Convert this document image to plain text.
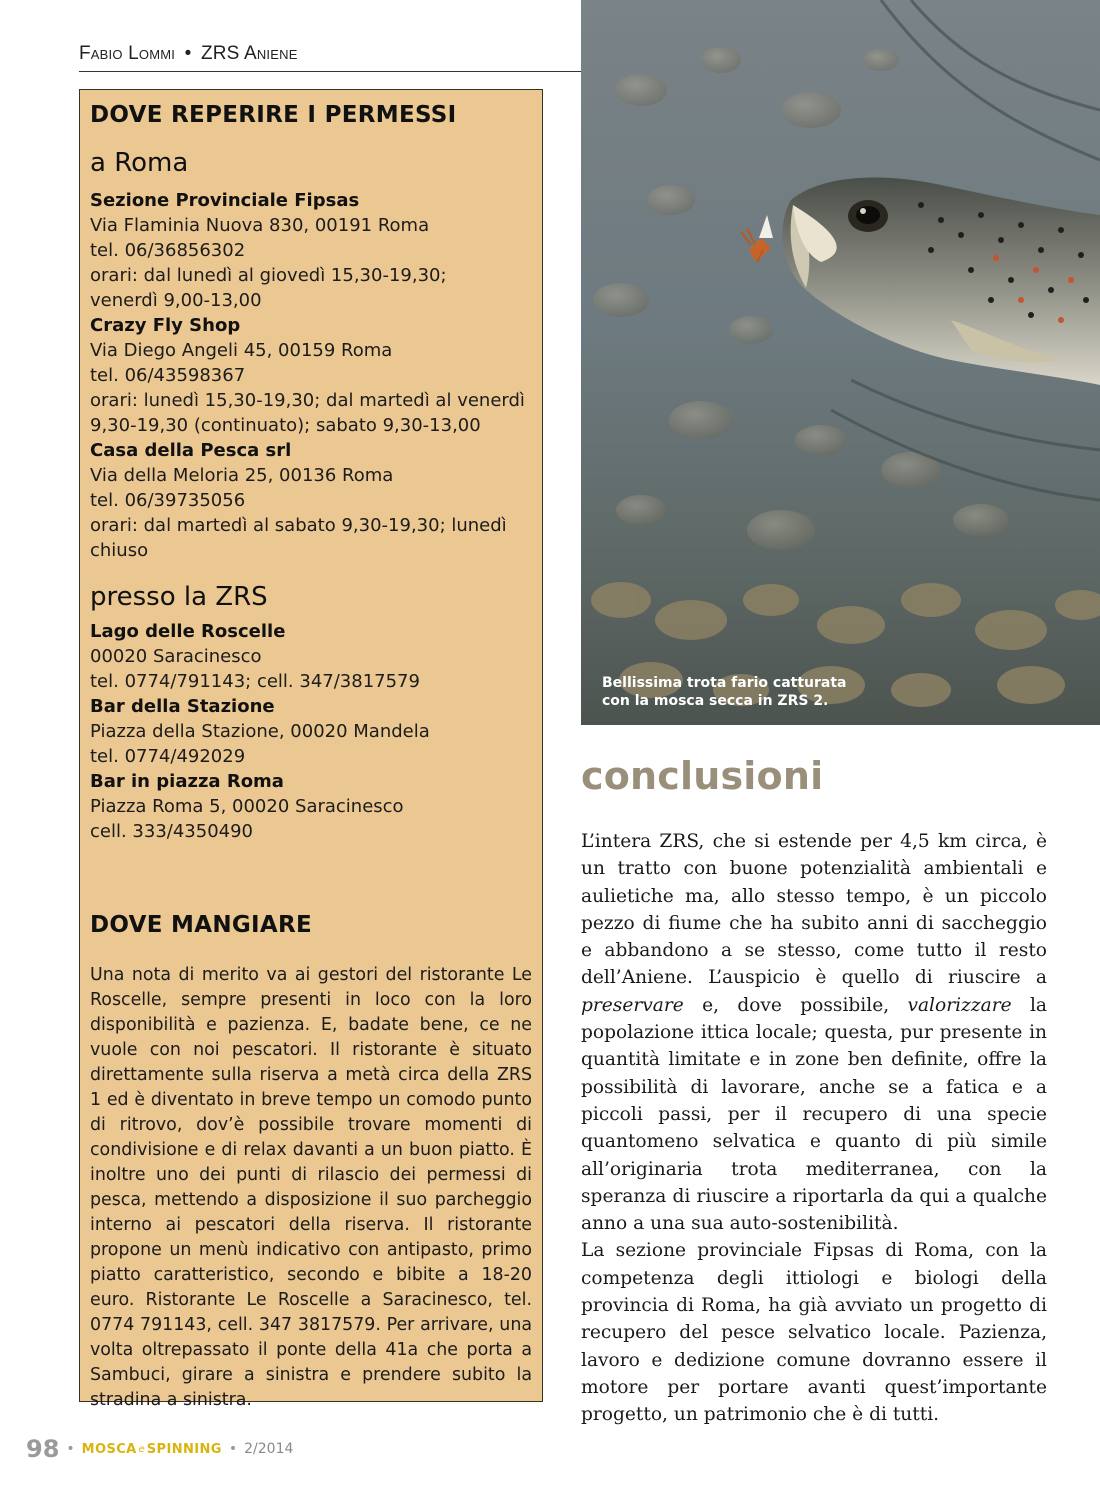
Fabio Lommi • ZRS Aniene
DOVE REPERIRE I PERMESSI
a Roma
Sezione Provinciale Fipsas
Via Flaminia Nuova 830, 00191 Roma
tel. 06/36856302
orari: dal lunedì al giovedì 15,30-19,30;
venerdì 9,00-13,00
Crazy Fly Shop
Via Diego Angeli 45, 00159 Roma
tel. 06/43598367
orari: lunedì 15,30-19,30; dal martedì al venerdì
9,30-19,30 (continuato); sabato 9,30-13,00
Casa della Pesca srl
Via della Meloria 25, 00136 Roma
tel. 06/39735056
orari: dal martedì al sabato 9,30-19,30; lunedì
chiuso
presso la ZRS
Lago delle Roscelle
00020 Saracinesco
tel. 0774/791143; cell. 347/3817579
Bar della Stazione
Piazza della Stazione, 00020 Mandela
tel. 0774/492029
Bar in piazza Roma
Piazza Roma 5, 00020 Saracinesco
cell. 333/4350490
DOVE MANGIARE

Una nota di merito va ai gestori del ristorante Le Roscelle, sempre presenti in loco con la loro disponibilità e pazienza. E, badate bene, ce ne vuole con noi pescatori. Il ristorante è situato direttamente sulla riserva a metà circa della ZRS 1 ed è diventato in breve tempo un comodo punto di ritrovo, dov’è possibile trovare momenti di condivisione e di relax davanti a un buon piatto. È inoltre uno dei punti di rilascio dei permessi di pesca, mettendo a disposizione il suo parcheggio interno ai pescatori della riserva. Il ristorante propone un menù indicativo con antipasto, primo piatto caratteristico, secondo e bibite a 18-20 euro. Ristorante Le Roscelle a Saracinesco, tel. 0774 791143, cell. 347 3817579. Per arrivare, una volta oltrepassato il ponte della 41a che porta a Sambuci, girare a sinistra e prendere subito la stradina a sinistra.

Bellissima trota fario catturata
con la mosca secca in ZRS 2.
conclusioni

L’intera ZRS, che si estende per 4,5 km circa, è un tratto con buone potenzialità ambientali e aulietiche ma, allo stesso tempo, è un piccolo pezzo di fiume che ha subito anni di saccheggio e abbandono a se stesso, come tutto il resto dell’Aniene. L’auspicio è quello di riuscire a preservare e, dove possibile, valorizzare la popolazione ittica locale; questa, pur presente in quantità limitate e in zone ben definite, offre la possibilità di lavorare, anche se a fatica e a piccoli passi, per il recupero di una specie quantomeno selvatica e quanto di più simile all’originaria trota mediterranea, con la speranza di riuscire a riportarla da qui a qualche anno a una sua auto-sostenibilità.

La sezione provinciale Fipsas di Roma, con la competenza degli ittiologi e biologi della provincia di Roma, ha già avviato un progetto di recupero del pesce selvatico locale. Pazienza, lavoro e dedizione comune dovranno essere il motore per portare avanti quest’importante progetto, un patrimonio che è di tutti.

98 • MOSCA e SPINNING • 2/2014
